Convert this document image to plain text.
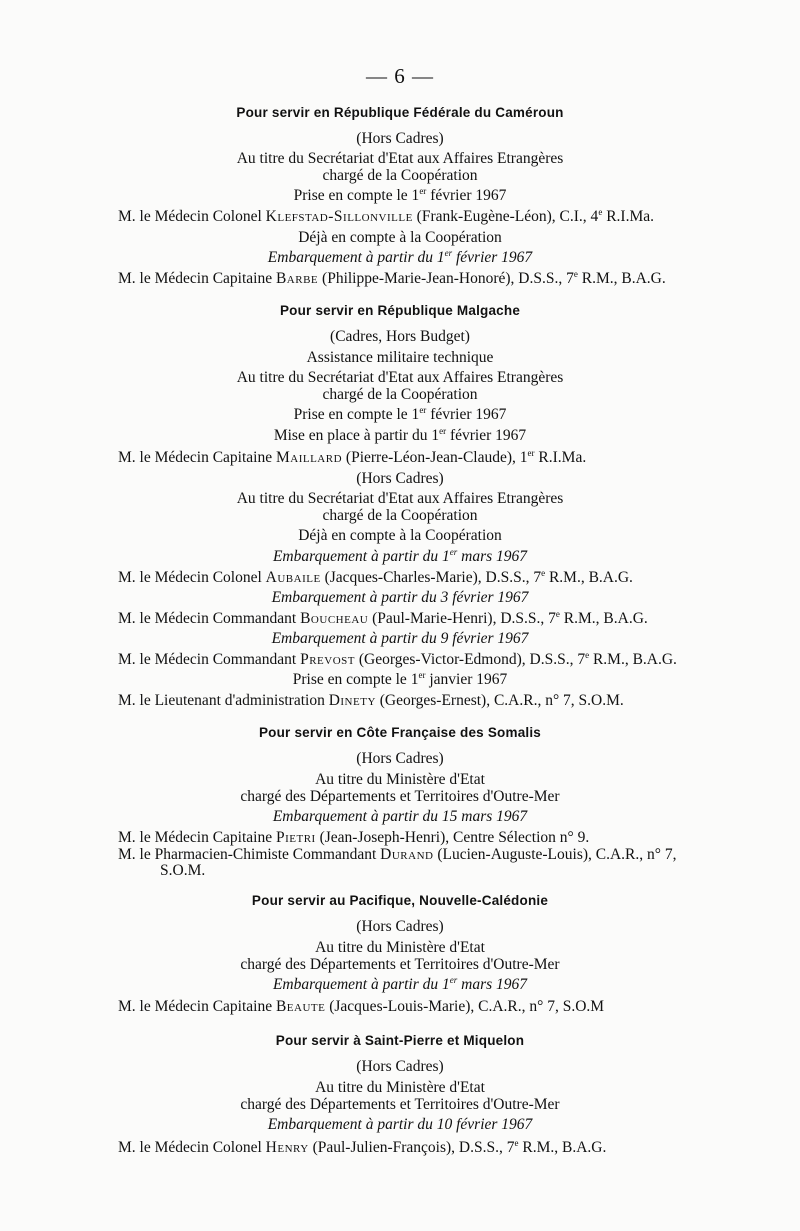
— 6 —
Pour servir en République Fédérale du Caméroun
(Hors Cadres)
Au titre du Secrétariat d'Etat aux Affaires Etrangères
chargé de la Coopération
Prise en compte le 1er février 1967
M. le Médecin Colonel Klefstad-Sillonville (Frank-Eugène-Léon), C.I., 4e R.I.Ma.
Déjà en compte à la Coopération
Embarquement à partir du 1er février 1967
M. le Médecin Capitaine Barbe (Philippe-Marie-Jean-Honoré), D.S.S., 7e R.M., B.A.G.
Pour servir en République Malgache
(Cadres, Hors Budget)
Assistance militaire technique
Au titre du Secrétariat d'Etat aux Affaires Etrangères
chargé de la Coopération
Prise en compte le 1er février 1967
Mise en place à partir du 1er février 1967
M. le Médecin Capitaine Maillard (Pierre-Léon-Jean-Claude), 1er R.I.Ma.
(Hors Cadres)
Au titre du Secrétariat d'Etat aux Affaires Etrangères
chargé de la Coopération
Déjà en compte à la Coopération
Embarquement à partir du 1er mars 1967
M. le Médecin Colonel Aubaile (Jacques-Charles-Marie), D.S.S., 7e R.M., B.A.G.
Embarquement à partir du 3 février 1967
M. le Médecin Commandant Boucheau (Paul-Marie-Henri), D.S.S., 7e R.M., B.A.G.
Embarquement à partir du 9 février 1967
M. le Médecin Commandant Prevost (Georges-Victor-Edmond), D.S.S., 7e R.M., B.A.G.
Prise en compte le 1er janvier 1967
M. le Lieutenant d'administration Dinety (Georges-Ernest), C.A.R., n° 7, S.O.M.
Pour servir en Côte Française des Somalis
(Hors Cadres)
Au titre du Ministère d'Etat
chargé des Départements et Territoires d'Outre-Mer
Embarquement à partir du 15 mars 1967
M. le Médecin Capitaine Pietri (Jean-Joseph-Henri), Centre Sélection n° 9.
M. le Pharmacien-Chimiste Commandant Durand (Lucien-Auguste-Louis), C.A.R., n° 7,
S.O.M.
Pour servir au Pacifique, Nouvelle-Calédonie
(Hors Cadres)
Au titre du Ministère d'Etat
chargé des Départements et Territoires d'Outre-Mer
Embarquement à partir du 1er mars 1967
M. le Médecin Capitaine Beaute (Jacques-Louis-Marie), C.A.R., n° 7, S.O.M
Pour servir à Saint-Pierre et Miquelon
(Hors Cadres)
Au titre du Ministère d'Etat
chargé des Départements et Territoires d'Outre-Mer
Embarquement à partir du 10 février 1967
M. le Médecin Colonel Henry (Paul-Julien-François), D.S.S., 7e R.M., B.A.G.
